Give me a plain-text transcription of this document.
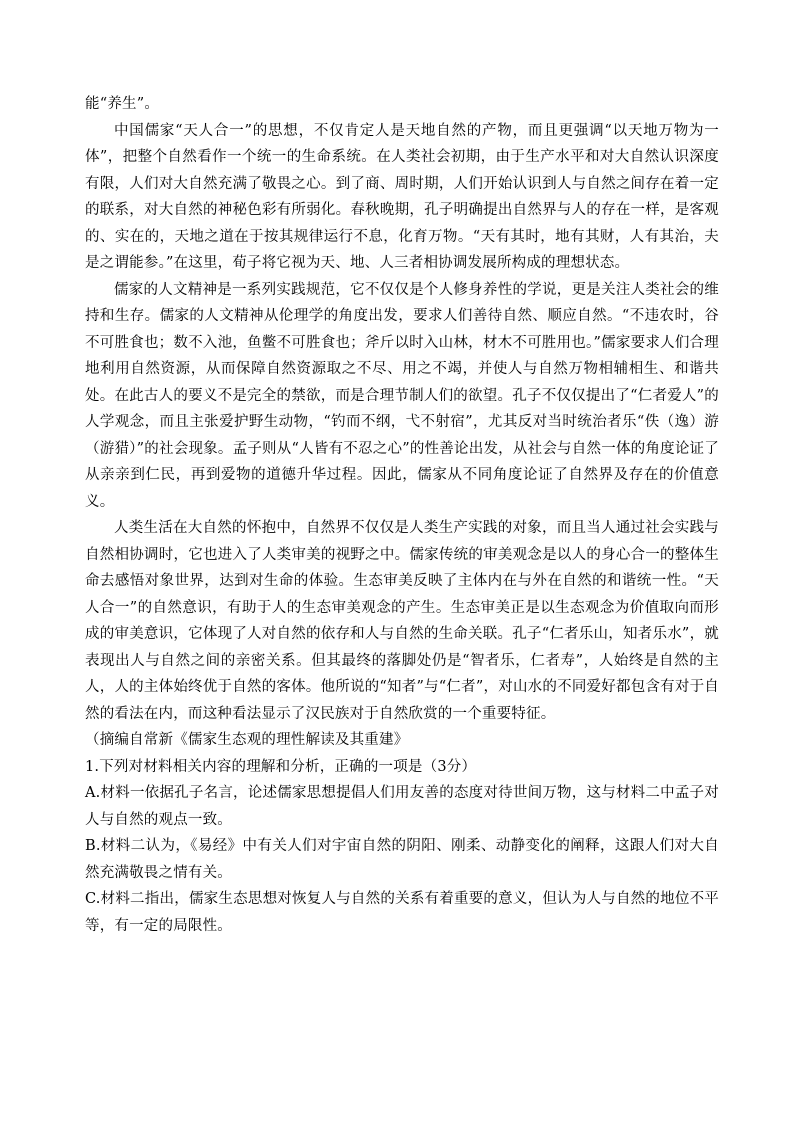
能“养生”。

中国儒家“天人合一”的思想，不仅肯定人是天地自然的产物，而且更强调“以天地万物为一体”，把整个自然看作一个统一的生命系统。在人类社会初期，由于生产水平和对大自然认识深度有限，人们对大自然充满了敬畏之心。到了商、周时期，人们开始认识到人与自然之间存在着一定的联系，对大自然的神秘色彩有所弱化。春秋晚期，孔子明确提出自然界与人的存在一样，是客观的、实在的，天地之道在于按其规律运行不息，化育万物。“天有其时，地有其财，人有其治，夫是之谓能参。”在这里，荀子将它视为天、地、人三者相协调发展所构成的理想状态。

儒家的人文精神是一系列实践规范，它不仅仅是个人修身养性的学说，更是关注人类社会的维持和生存。儒家的人文精神从伦理学的角度出发，要求人们善待自然、顺应自然。“不违农时，谷不可胜食也；数不入池，鱼鳖不可胜食也；斧斤以时入山林，材木不可胜用也。”儒家要求人们合理地利用自然资源，从而保障自然资源取之不尽、用之不竭，并使人与自然万物相辅相生、和谐共处。在此古人的要义不是完全的禁欲，而是合理节制人们的欲望。孔子不仅仅提出了“仁者爱人”的人学观念，而且主张爱护野生动物，“钓而不纲，弋不射宿”，尤其反对当时统治者乐“佚（逸）游（游猎）”的社会现象。孟子则从“人皆有不忍之心”的性善论出发，从社会与自然一体的角度论证了从亲亲到仁民，再到爱物的道德升华过程。因此，儒家从不同角度论证了自然界及存在的价值意义。

人类生活在大自然的怀抱中，自然界不仅仅是人类生产实践的对象，而且当人通过社会实践与自然相协调时，它也进入了人类审美的视野之中。儒家传统的审美观念是以人的身心合一的整体生命去感悟对象世界，达到对生命的体验。生态审美反映了主体内在与外在自然的和谐统一性。“天人合一”的自然意识，有助于人的生态审美观念的产生。生态审美正是以生态观念为价值取向而形成的审美意识，它体现了人对自然的依存和人与自然的生命关联。孔子“仁者乐山，知者乐水”，就表现出人与自然之间的亲密关系。但其最终的落脚处仍是“智者乐，仁者寿”，人始终是自然的主人，人的主体始终优于自然的客体。他所说的“知者”与“仁者”，对山水的不同爱好都包含有对于自然的看法在内，而这种看法显示了汉民族对于自然欣赏的一个重要特征。

（摘编自常新《儒家生态观的理性解读及其重建》

1.下列对材料相关内容的理解和分析，正确的一项是（3分）

A.材料一依据孔子名言，论述儒家思想提倡人们用友善的态度对待世间万物，这与材料二中孟子对人与自然的观点一致。

B.材料二认为，《易经》中有关人们对宇宙自然的阴阳、刚柔、动静变化的阐释，这跟人们对大自然充满敬畏之情有关。

C.材料二指出，儒家生态思想对恢复人与自然的关系有着重要的意义，但认为人与自然的地位不平等，有一定的局限性。
